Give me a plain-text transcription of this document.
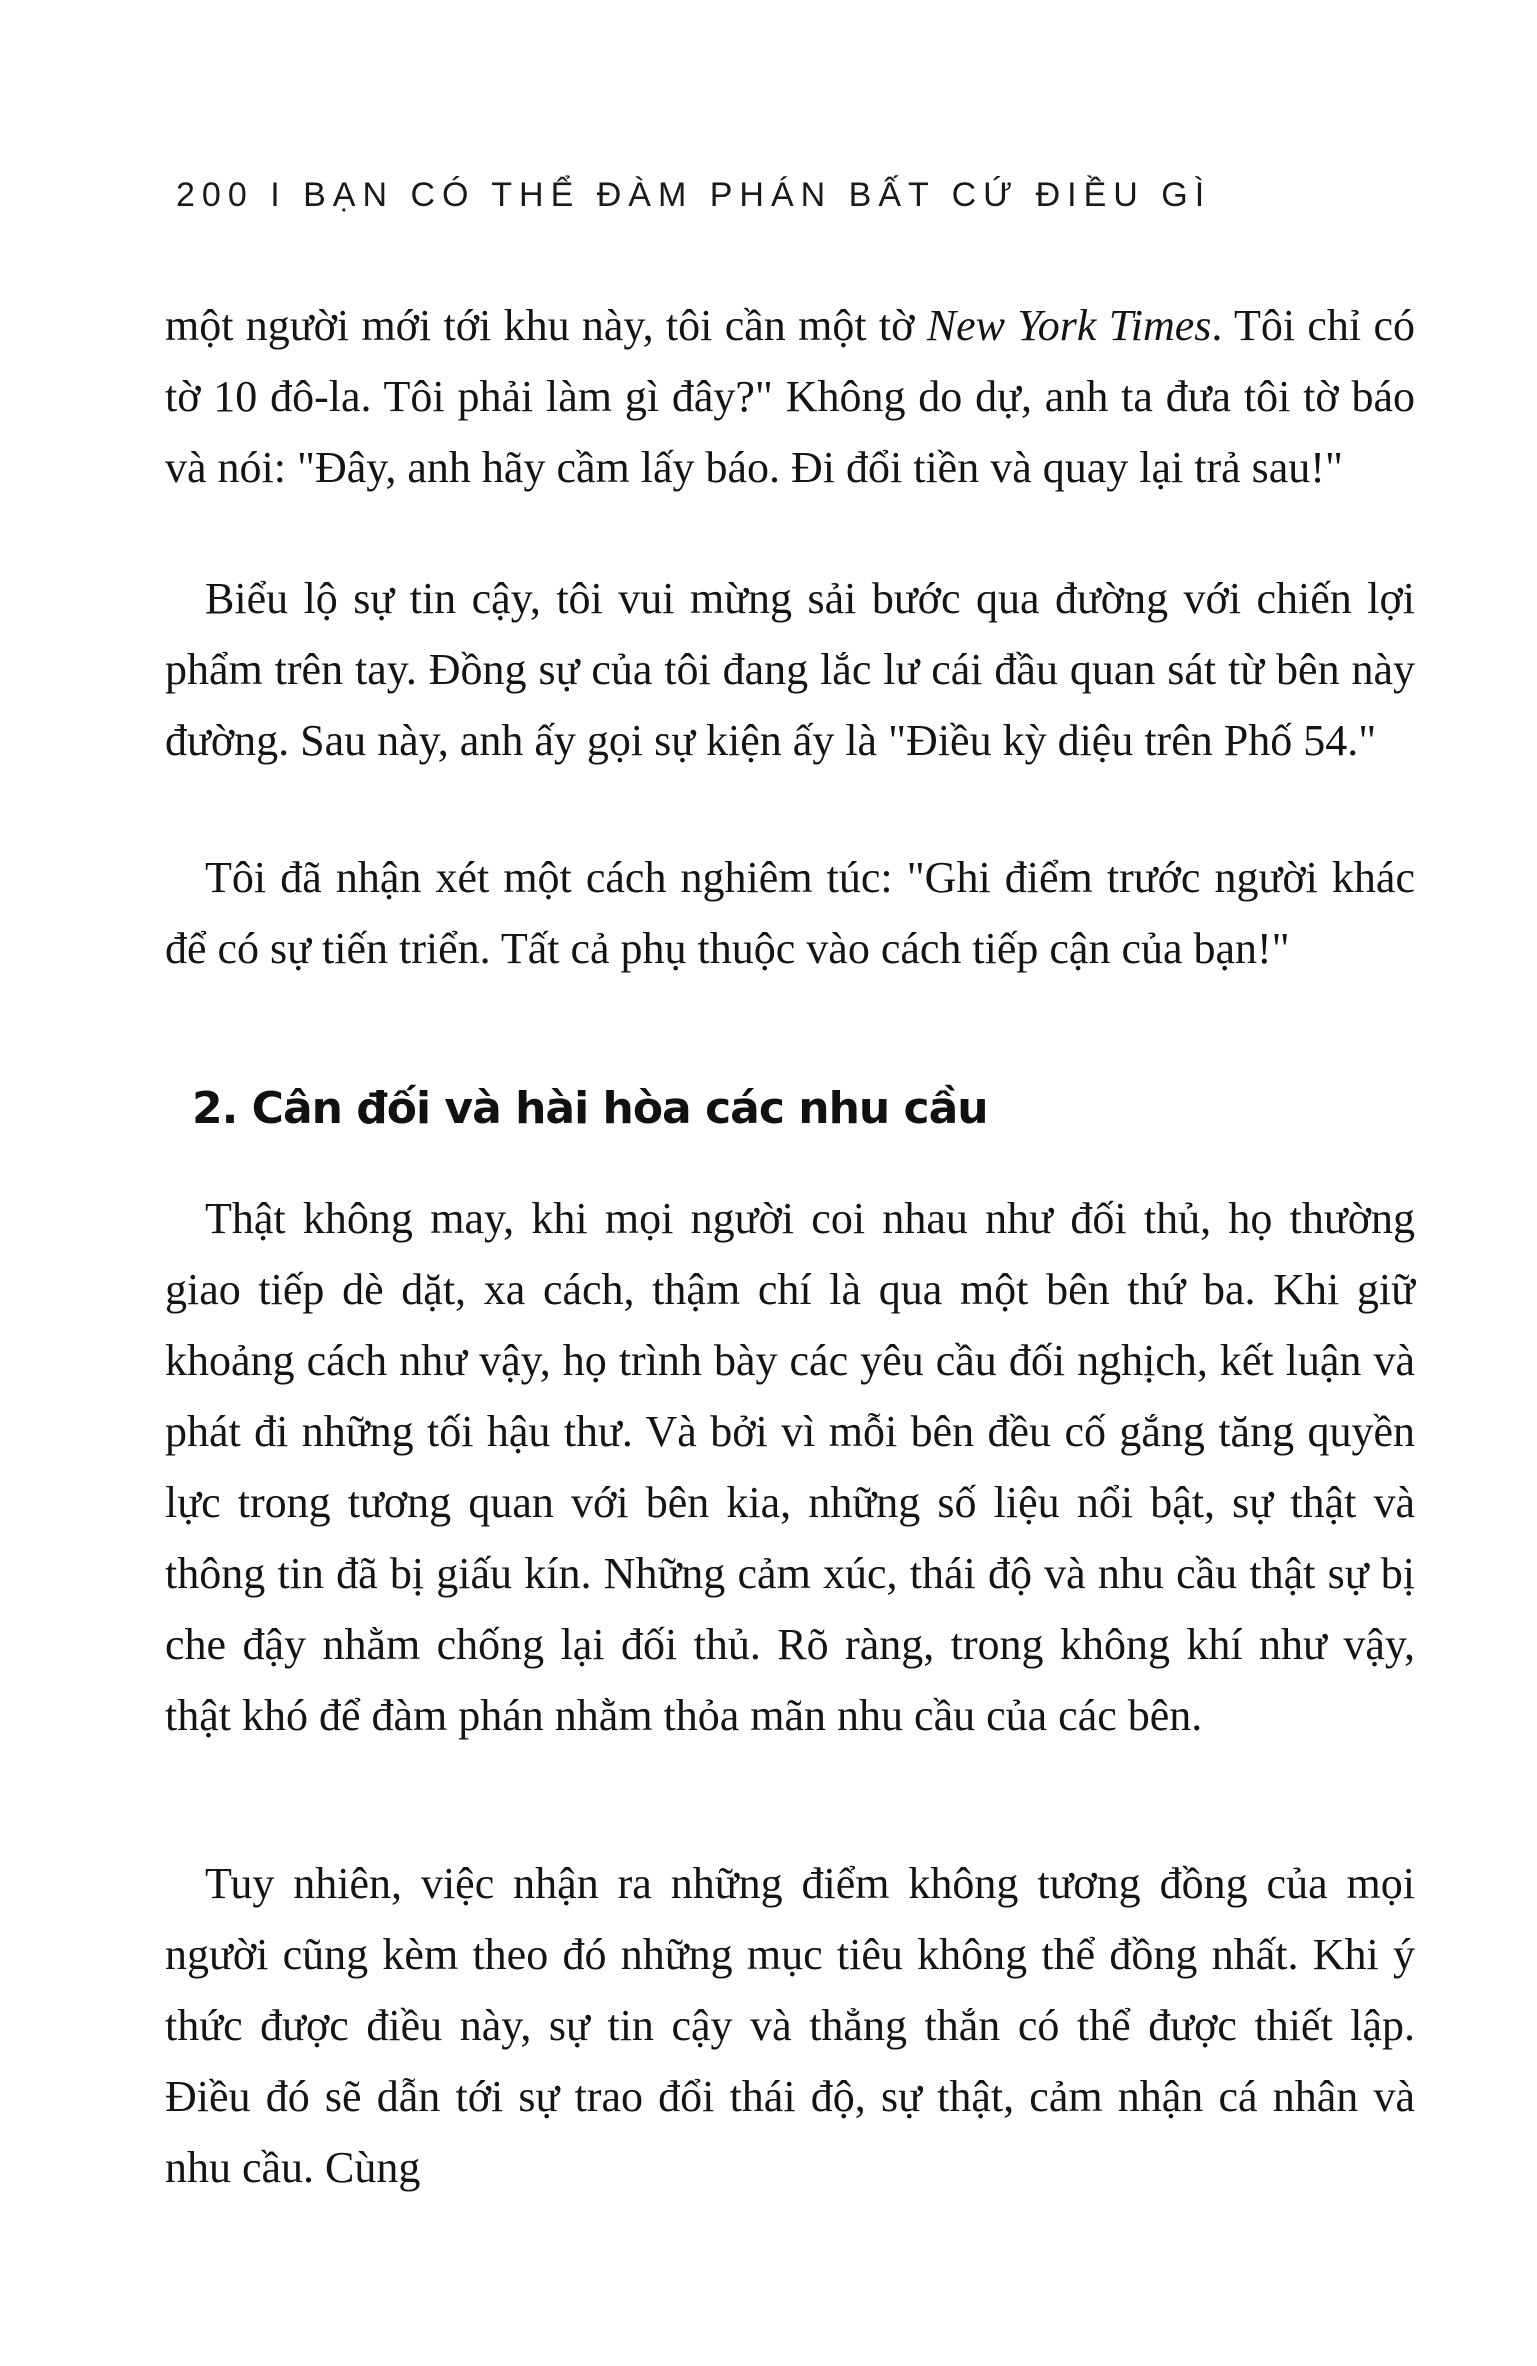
200 I BẠN CÓ THỂ ĐÀM PHÁN BẤT CỨ ĐIỀU GÌ
một người mới tới khu này, tôi cần một tờ New York Times. Tôi chỉ có tờ 10 đô-la. Tôi phải làm gì đây?" Không do dự, anh ta đưa tôi tờ báo và nói: "Đây, anh hãy cầm lấy báo. Đi đổi tiền và quay lại trả sau!"
Biểu lộ sự tin cậy, tôi vui mừng sải bước qua đường với chiến lợi phẩm trên tay. Đồng sự của tôi đang lắc lư cái đầu quan sát từ bên này đường. Sau này, anh ấy gọi sự kiện ấy là "Điều kỳ diệu trên Phố 54."
Tôi đã nhận xét một cách nghiêm túc: "Ghi điểm trước người khác để có sự tiến triển. Tất cả phụ thuộc vào cách tiếp cận của bạn!"
2. Cân đối và hài hòa các nhu cầu
Thật không may, khi mọi người coi nhau như đối thủ, họ thường giao tiếp dè dặt, xa cách, thậm chí là qua một bên thứ ba. Khi giữ khoảng cách như vậy, họ trình bày các yêu cầu đối nghịch, kết luận và phát đi những tối hậu thư. Và bởi vì mỗi bên đều cố gắng tăng quyền lực trong tương quan với bên kia, những số liệu nổi bật, sự thật và thông tin đã bị giấu kín. Những cảm xúc, thái độ và nhu cầu thật sự bị che đậy nhằm chống lại đối thủ. Rõ ràng, trong không khí như vậy, thật khó để đàm phán nhằm thỏa mãn nhu cầu của các bên.
Tuy nhiên, việc nhận ra những điểm không tương đồng của mọi người cũng kèm theo đó những mục tiêu không thể đồng nhất. Khi ý thức được điều này, sự tin cậy và thẳng thắn có thể được thiết lập. Điều đó sẽ dẫn tới sự trao đổi thái độ, sự thật, cảm nhận cá nhân và nhu cầu. Cùng
